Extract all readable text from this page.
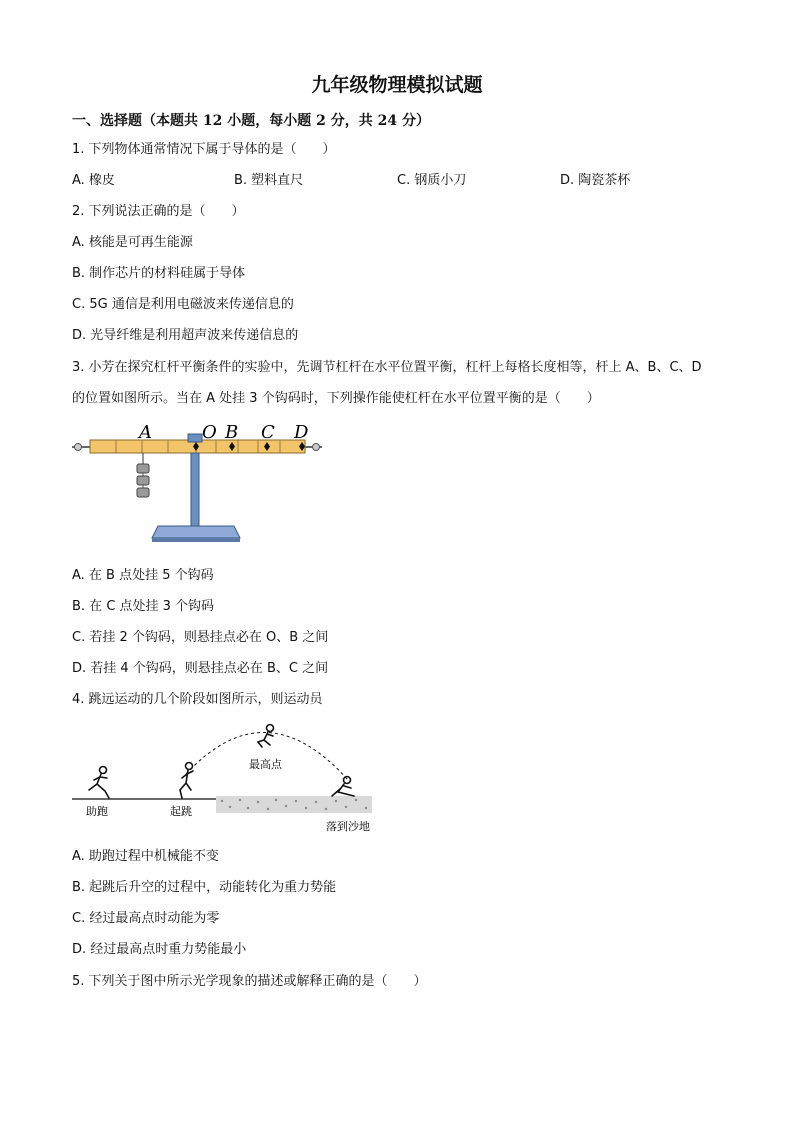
九年级物理模拟试题
一、选择题（本题共 12 小题，每小题 2 分，共 24 分）
1. 下列物体通常情况下属于导体的是（　　）
A. 橡皮	B. 塑料直尺	C. 钢质小刀	D. 陶瓷茶杯
2. 下列说法正确的是（　　）
A. 核能是可再生能源
B. 制作芯片的材料硅属于导体
C. 5G 通信是利用电磁波来传递信息的
D. 光导纤维是利用超声波来传递信息的
3. 小芳在探究杠杆平衡条件的实验中，先调节杠杆在水平位置平衡，杠杆上每格长度相等，杆上 A、B、C、D
的位置如图所示。当在 A 处挂 3 个钩码时，下列操作能使杠杆在水平位置平衡的是（　　）
A	O B C D
A. 在 B 点处挂 5 个钩码
B. 在 C 点处挂 3 个钩码
C. 若挂 2 个钩码，则悬挂点必在 O、B 之间
D. 若挂 4 个钩码，则悬挂点必在 B、C 之间
4. 跳远运动的几个阶段如图所示，则运动员
助跑	起跳
最高点
落到沙地
A. 助跑过程中机械能不变
B. 起跳后升空的过程中，动能转化为重力势能
C. 经过最高点时动能为零
D. 经过最高点时重力势能最小
5. 下列关于图中所示光学现象的描述或解释正确的是（　　）
